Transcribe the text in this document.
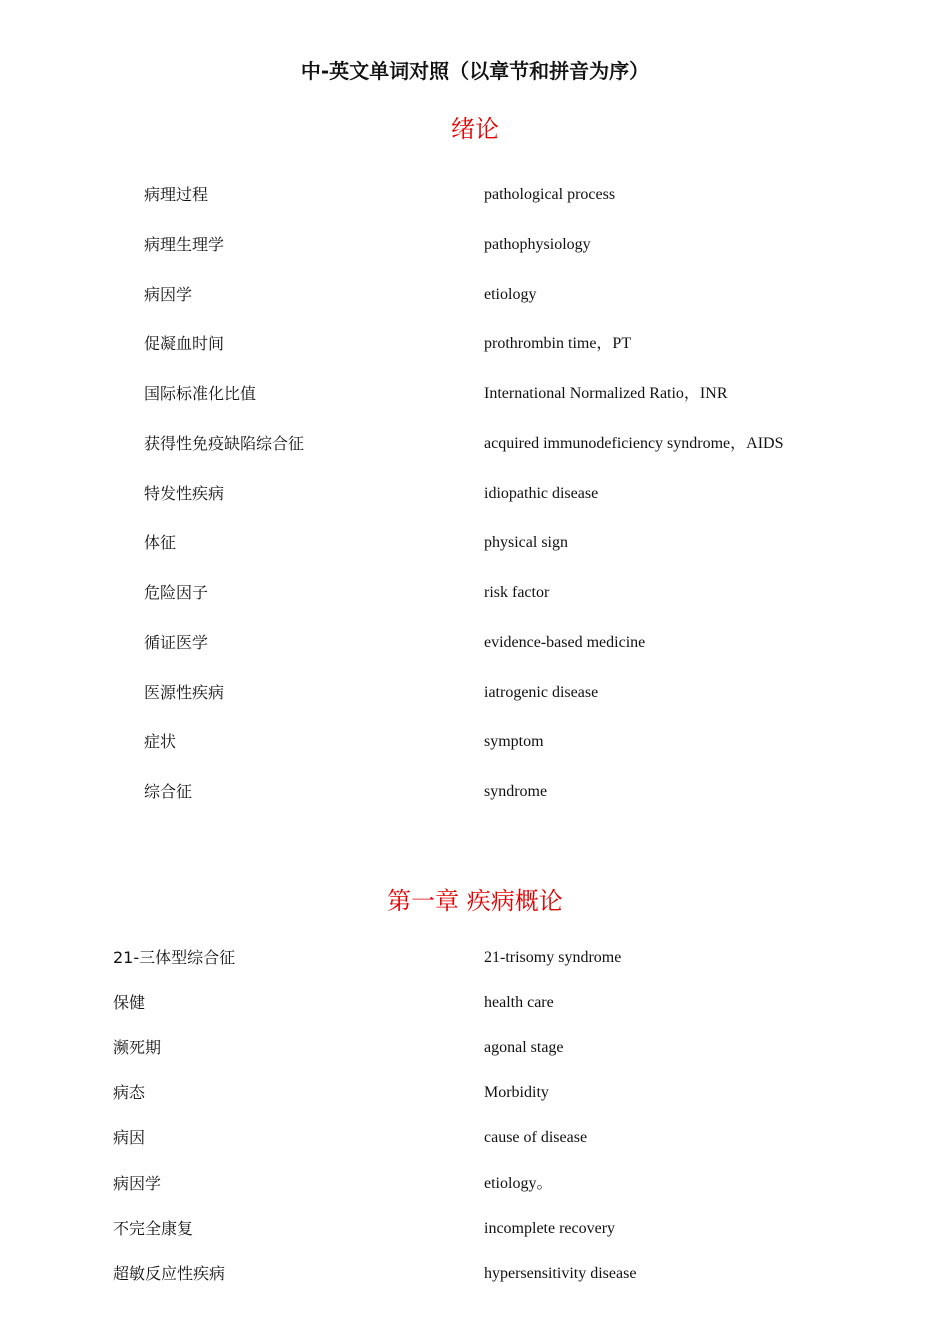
中-英文单词对照（以章节和拼音为序）
绪论
病理过程	pathological process
病理生理学	pathophysiology
病因学	etiology
促凝血时间	prothrombin time，PT
国际标准化比值	International Normalized Ratio，INR
获得性免疫缺陷综合征	acquired immunodeficiency syndrome，AIDS
特发性疾病	idiopathic disease
体征	physical sign
危险因子	risk factor
循证医学	evidence-based medicine
医源性疾病	iatrogenic disease
症状	symptom
综合征	syndrome
第一章 疾病概论
21-三体型综合征	21-trisomy syndrome
保健	health care
濒死期	agonal stage
病态	Morbidity
病因	cause of disease
病因学	etiology。
不完全康复	incomplete recovery
超敏反应性疾病	hypersensitivity disease
